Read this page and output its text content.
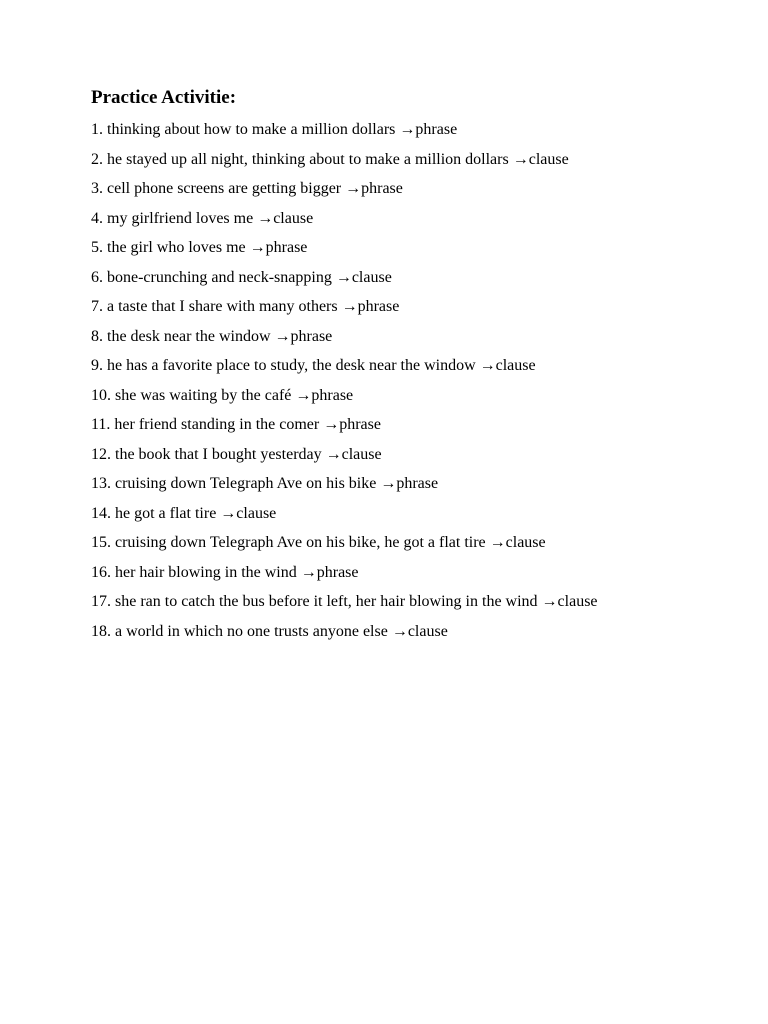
Practice Activitie:
1. thinking about how to make a million dollars →phrase
2. he stayed up all night, thinking about to make a million dollars →clause
3. cell phone screens are getting bigger →phrase
4. my girlfriend loves me →clause
5. the girl who loves me →phrase
6. bone-crunching and neck-snapping →clause
7. a taste that I share with many others →phrase
8. the desk near the window →phrase
9. he has a favorite place to study, the desk near the window →clause
10. she was waiting by the café →phrase
11. her friend standing in the comer →phrase
12. the book that I bought yesterday →clause
13. cruising down Telegraph Ave on his bike →phrase
14. he got a flat tire →clause
15. cruising down Telegraph Ave on his bike, he got a flat tire →clause
16. her hair blowing in the wind →phrase
17. she ran to catch the bus before it left, her hair blowing in the wind →clause
18. a world in which no one trusts anyone else →clause
